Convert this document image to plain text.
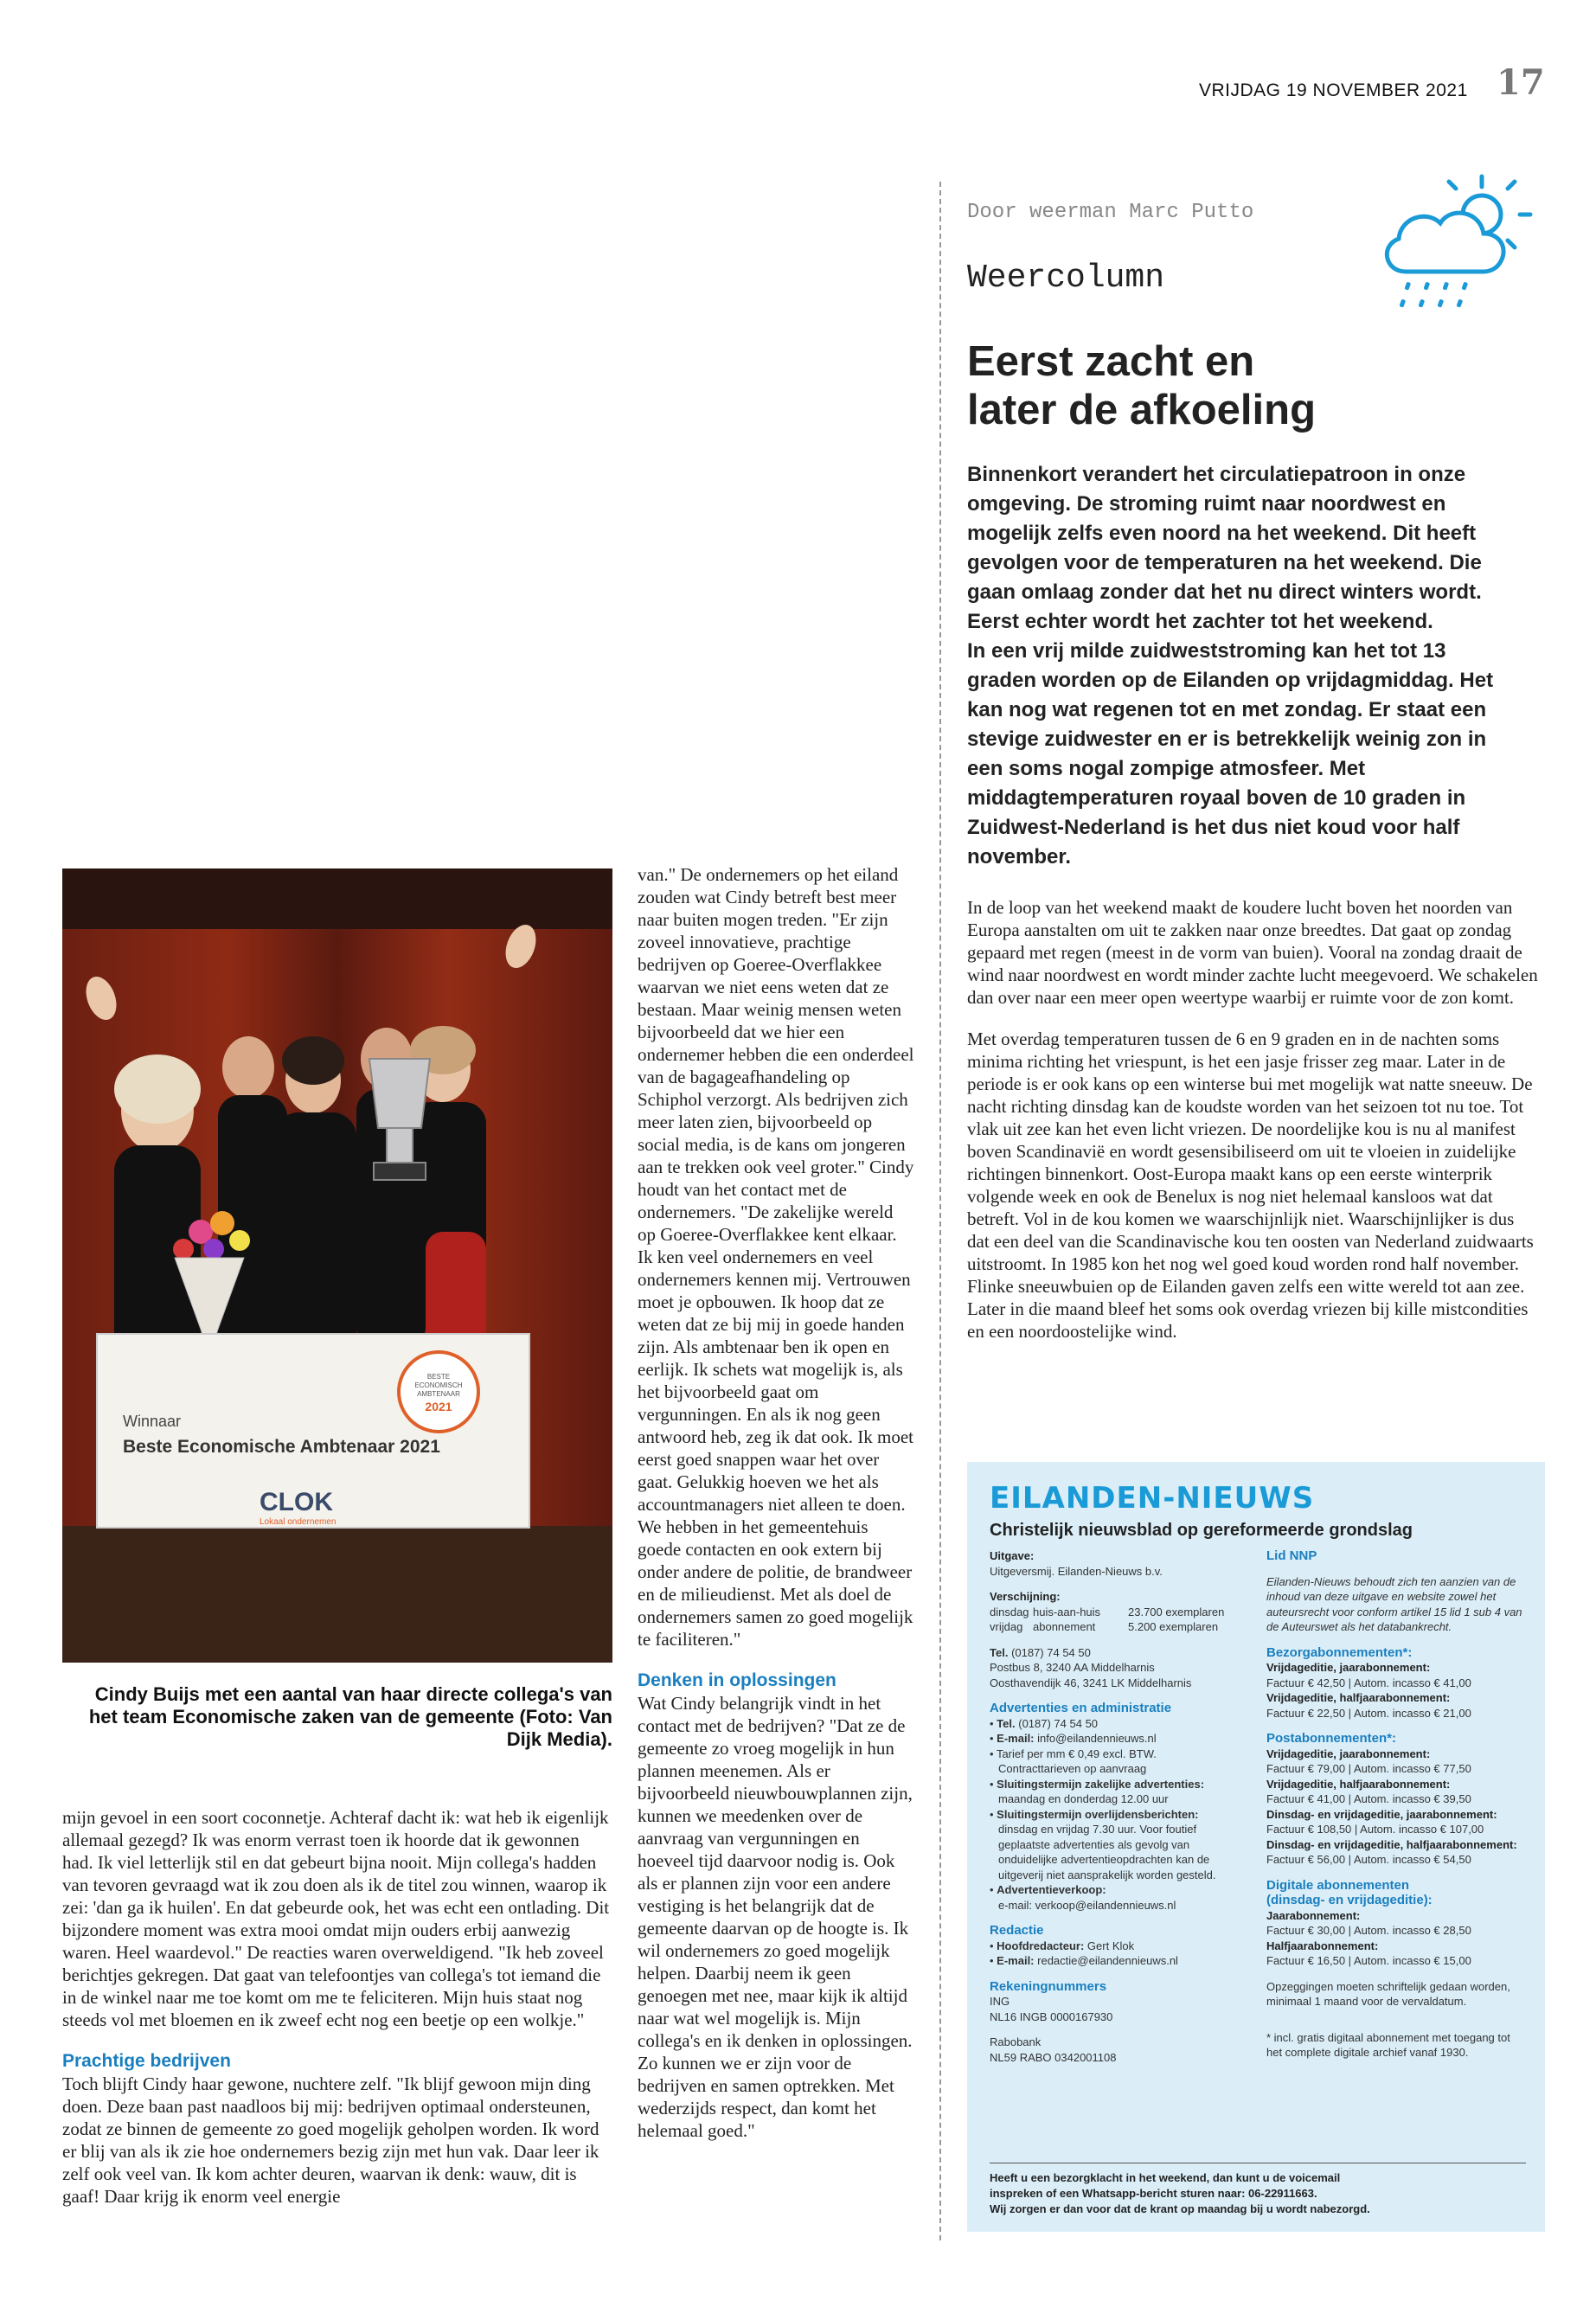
VRIJDAG 19 NOVEMBER 2021 17
Door weerman Marc Putto
Weercolumn
Eerst zacht en
later de afkoeling

Binnenkort verandert het circulatiepatroon in onze omgeving. De stroming ruimt naar noordwest en mogelijk zelfs even noord na het weekend. Dit heeft gevolgen voor de temperaturen na het weekend. Die gaan omlaag zonder dat het nu direct winters wordt. Eerst echter wordt het zachter tot het weekend.

In een vrij milde zuidweststroming kan het tot 13 graden worden op de Eilanden op vrijdagmiddag. Het kan nog wat regenen tot en met zondag. Er staat een stevige zuidwester en er is betrekkelijk weinig zon in een soms nogal zompige atmosfeer. Met middagtemperaturen royaal boven de 10 graden in Zuidwest-Nederland is het dus niet koud voor half november.

In de loop van het weekend maakt de koudere lucht boven het noorden van Europa aanstalten om uit te zakken naar onze breedtes. Dat gaat op zondag gepaard met regen (meest in de vorm van buien). Vooral na zondag draait de wind naar noordwest en wordt minder zachte lucht meegevoerd. We schakelen dan over naar een meer open weertype waarbij er ruimte voor de zon komt.

Met overdag temperaturen tussen de 6 en 9 graden en in de nachten soms minima richting het vriespunt, is het een jasje frisser zeg maar. Later in de periode is er ook kans op een winterse bui met mogelijk wat natte sneeuw. De nacht richting dinsdag kan de koudste worden van het seizoen tot nu toe. Tot vlak uit zee kan het even licht vriezen. De noordelijke kou is nu al manifest boven Scandinavië en wordt gesensibiliseerd om uit te vloeien in zuidelijke richtingen binnenkort. Oost-Europa maakt kans op een eerste winterprik volgende week en ook de Benelux is nog niet helemaal kansloos wat dat betreft. Vol in de kou komen we waarschijnlijk niet. Waarschijnlijker is dus dat een deel van die Scandinavische kou ten oosten van Nederland zuidwaarts uitstroomt. In 1985 kon het nog wel goed koud worden rond half november. Flinke sneeuwbuien op de Eilanden gaven zelfs een witte wereld tot aan zee. Later in die maand bleef het soms ook overdag vriezen bij kille mistcondities en een noordoostelijke wind.

Winnaar
Beste Economische Ambtenaar 2021
BESTE
ECONOMISCH
AMBTENAAR
2021
CLOK
Lokaal ondernemen
Cindy Buijs met een aantal van haar directe collega's van het team Economische zaken van de gemeente (Foto: Van Dijk Media).

mijn gevoel in een soort coconnetje. Achteraf dacht ik: wat heb ik eigenlijk allemaal gezegd? Ik was enorm verrast toen ik hoorde dat ik gewonnen had. Ik viel letterlijk stil en dat gebeurt bijna nooit. Mijn collega's hadden van tevoren gevraagd wat ik zou doen als ik de titel zou winnen, waarop ik zei: 'dan ga ik huilen'. En dat gebeurde ook, het was echt een ontlading. Dit bijzondere moment was extra mooi omdat mijn ouders erbij aanwezig waren. Heel waardevol." De reacties waren overweldigend. "Ik heb zoveel berichtjes gekregen. Dat gaat van telefoontjes van collega's tot iemand die in de winkel naar me toe komt om me te feliciteren. Mijn huis staat nog steeds vol met bloemen en ik zweef echt nog een beetje op een wolkje."

Prachtige bedrijven

Toch blijft Cindy haar gewone, nuchtere zelf. "Ik blijf gewoon mijn ding doen. Deze baan past naadloos bij mij: bedrijven optimaal ondersteunen, zodat ze binnen de gemeente zo goed mogelijk geholpen worden. Ik word er blij van als ik zie hoe ondernemers bezig zijn met hun vak. Daar leer ik zelf ook veel van. Ik kom achter deuren, waarvan ik denk: wauw, dit is gaaf! Daar krijg ik enorm veel energie

van." De ondernemers op het eiland zouden wat Cindy betreft best meer naar buiten mogen treden. "Er zijn zoveel innovatieve, prachtige bedrijven op Goeree-Overflakkee waarvan we niet eens weten dat ze bestaan. Maar weinig mensen weten bijvoorbeeld dat we hier een ondernemer hebben die een onderdeel van de bagageafhandeling op Schiphol verzorgt. Als bedrijven zich meer laten zien, bijvoorbeeld op social media, is de kans om jongeren aan te trekken ook veel groter." Cindy houdt van het contact met de ondernemers. "De zakelijke wereld op Goeree-Overflakkee kent elkaar. Ik ken veel ondernemers en veel ondernemers kennen mij. Vertrouwen moet je opbouwen. Ik hoop dat ze weten dat ze bij mij in goede handen zijn. Als ambtenaar ben ik open en eerlijk. Ik schets wat mogelijk is, als het bijvoorbeeld gaat om vergunningen. En als ik nog geen antwoord heb, zeg ik dat ook. Ik moet eerst goed snappen waar het over gaat. Gelukkig hoeven we het als accountmanagers niet alleen te doen. We hebben in het gemeentehuis goede contacten en ook extern bij onder andere de politie, de brandweer en de milieudienst. Met als doel de ondernemers samen zo goed mogelijk te faciliteren."

Denken in oplossingen

Wat Cindy belangrijk vindt in het contact met de bedrijven? "Dat ze de gemeente zo vroeg mogelijk in hun plannen meenemen. Als er bijvoorbeeld nieuwbouwplannen zijn, kunnen we meedenken over de aanvraag van vergunningen en hoeveel tijd daarvoor nodig is. Ook als er plannen zijn voor een andere vestiging is het belangrijk dat de gemeente daarvan op de hoogte is. Ik wil ondernemers zo goed mogelijk helpen. Daarbij neem ik geen genoegen met nee, maar kijk ik altijd naar wat wel mogelijk is. Mijn collega's en ik denken in oplossingen. Zo kunnen we er zijn voor de bedrijven en samen optrekken. Met wederzijds respect, dan komt het helemaal goed."

EILANDEN-NIEUWS
Christelijk nieuwsblad op gereformeerde grondslag
Uitgave:
Uitgeversmij. Eilanden-Nieuws b.v.
Verschijning:
dinsdag huis-aan-huis	23.700 exemplaren
vrijdag abonnement	5.200 exemplaren
Tel. (0187) 74 54 50
Postbus 8, 3240 AA Middelharnis
Oosthavendijk 46, 3241 LK Middelharnis
Advertenties en administratie
• Tel. (0187) 74 54 50
• E-mail: info@eilandennieuws.nl
• Tarief per mm € 0,49 excl. BTW.
Contracttarieven op aanvraag
• Sluitingstermijn zakelijke advertenties:
maandag en donderdag 12.00 uur
• Sluitingstermijn overlijdensberichten:
dinsdag en vrijdag 7.30 uur. Voor foutief geplaatste advertenties als gevolg van onduidelijke advertentieopdrachten kan de uitgeverij niet aansprakelijk worden gesteld.
• Advertentieverkoop:
e-mail: verkoop@eilandennieuws.nl
Redactie
• Hoofdredacteur: Gert Klok
• E-mail: redactie@eilandennieuws.nl
Rekeningnummers
ING
NL16 INGB 0000167930
Rabobank
NL59 RABO 0342001108
Lid NNP
Eilanden-Nieuws behoudt zich ten aanzien van de inhoud van deze uitgave en website zowel het auteursrecht voor conform artikel 15 lid 1 sub 4 van de Auteurswet als het databankrecht.
Bezorgabonnementen*:
Vrijdageditie, jaarabonnement:
Factuur € 42,50 | Autom. incasso € 41,00
Vrijdageditie, halfjaarabonnement:
Factuur € 22,50 | Autom. incasso € 21,00
Postabonnementen*:
Vrijdageditie, jaarabonnement:
Factuur € 79,00 | Autom. incasso € 77,50
Vrijdageditie, halfjaarabonnement:
Factuur € 41,00 | Autom. incasso € 39,50
Dinsdag- en vrijdageditie, jaarabonnement:
Factuur € 108,50 | Autom. incasso € 107,00
Dinsdag- en vrijdageditie, halfjaarabonnement:
Factuur € 56,00 | Autom. incasso € 54,50
Digitale abonnementen
(dinsdag- en vrijdageditie):
Jaarabonnement:
Factuur € 30,00 | Autom. incasso € 28,50
Halfjaarabonnement:
Factuur € 16,50 | Autom. incasso € 15,00
Opzeggingen moeten schriftelijk gedaan worden, minimaal 1 maand voor de vervaldatum.
* incl. gratis digitaal abonnement met toegang tot het complete digitale archief vanaf 1930.
Heeft u een bezorgklacht in het weekend, dan kunt u de voicemail
inspreken of een Whatsapp-bericht sturen naar: 06-22911663.
Wij zorgen er dan voor dat de krant op maandag bij u wordt nabezorgd.
